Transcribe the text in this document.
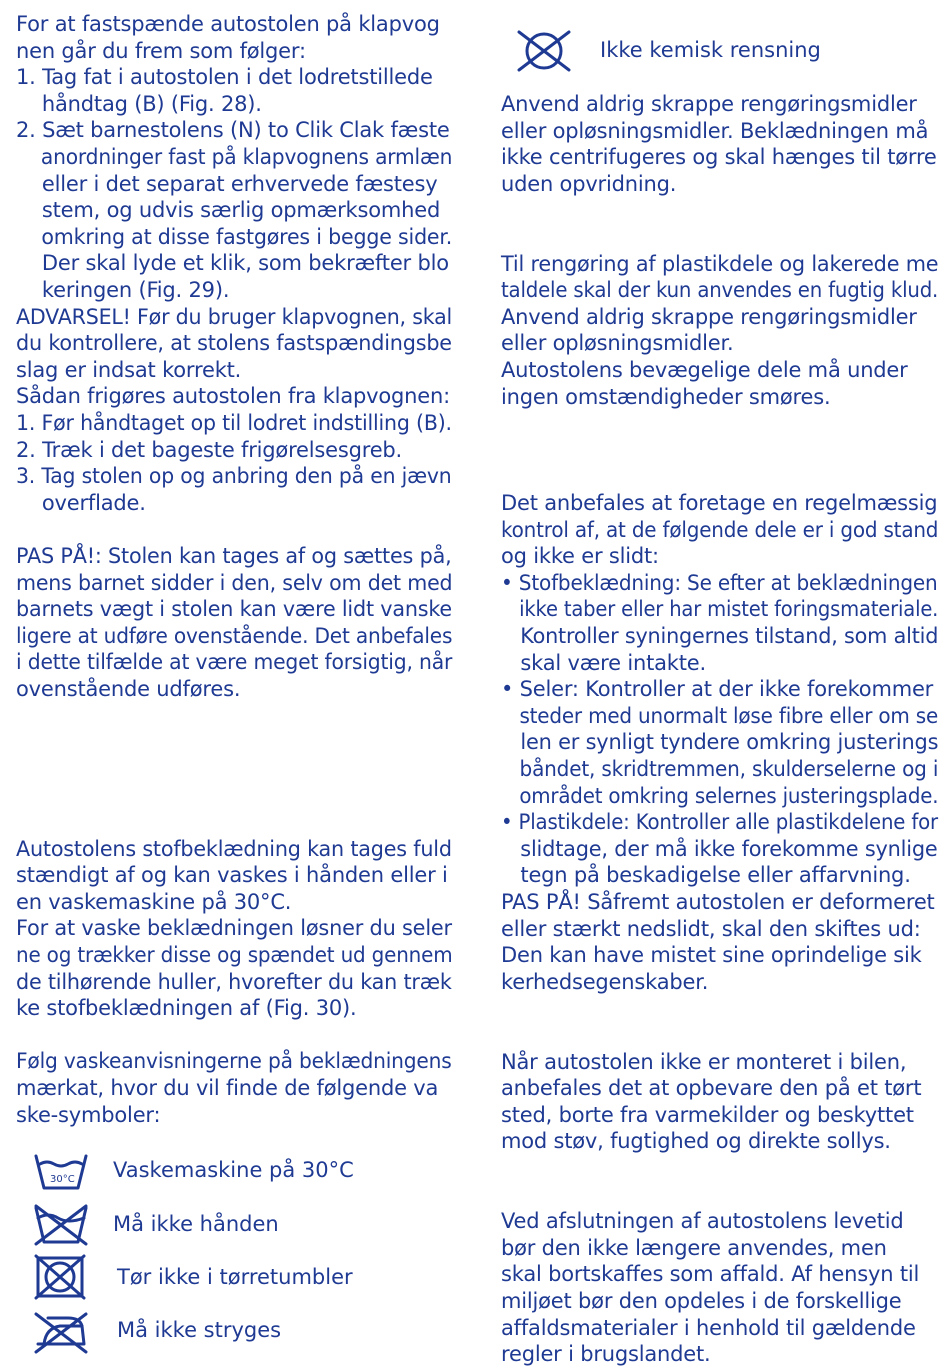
For at fastspænde autostolen på klapvog
nen går du frem som følger:
1. Tag fat i autostolen i det lodretstillede
håndtag (B) (Fig. 28).
2. Sæt barnestolens (N) to Clik Clak fæste
anordninger fast på klapvognens armlæn
eller i det separat erhvervede fæstesy
stem, og udvis særlig opmærksomhed
omkring at disse fastgøres i begge sider.
Der skal lyde et klik, som bekræfter blo
keringen (Fig. 29).
ADVARSEL! Før du bruger klapvognen, skal
du kontrollere, at stolens fastspændingsbe
slag er indsat korrekt.
Sådan frigøres autostolen fra klapvognen:
1. Før håndtaget op til lodret indstilling (B).
2. Træk i det bageste frigørelsesgreb.
3. Tag stolen op og anbring den på en jævn
overflade.
PAS PÅ!: Stolen kan tages af og sættes på,
mens barnet sidder i den, selv om det med
barnets vægt i stolen kan være lidt vanske
ligere at udføre ovenstående. Det anbefales
i dette tilfælde at være meget forsigtig, når
ovenstående udføres.
Autostolens stofbeklædning kan tages fuld
stændigt af og kan vaskes i hånden eller i
en vaskemaskine på 30°C.
For at vaske beklædningen løsner du seler
ne og trækker disse og spændet ud gennem
de tilhørende huller, hvorefter du kan træk
ke stofbeklædningen af (Fig. 30).
Følg vaskeanvisningerne på beklædningens
mærkat, hvor du vil finde de følgende va
ske-symboler:
30°C Vaskemaskine på 30°C
Må ikke hånden
Tør ikke i tørretumbler
Må ikke stryges
Ikke kemisk rensning
Anvend aldrig skrappe rengøringsmidler
eller opløsningsmidler. Beklædningen må
ikke centrifugeres og skal hænges til tørre
uden opvridning.
Til rengøring af plastikdele og lakerede me
taldele skal der kun anvendes en fugtig klud.
Anvend aldrig skrappe rengøringsmidler
eller opløsningsmidler.
Autostolens bevægelige dele må under
ingen omstændigheder smøres.
Det anbefales at foretage en regelmæssig
kontrol af, at de følgende dele er i god stand
og ikke er slidt:
• Stofbeklædning: Se efter at beklædningen
ikke taber eller har mistet foringsmateriale.
Kontroller syningernes tilstand, som altid
skal være intakte.
• Seler: Kontroller at der ikke forekommer
steder med unormalt løse fibre eller om se
len er synligt tyndere omkring justerings
båndet, skridtremmen, skulderselerne og i
området omkring selernes justeringsplade.
• Plastikdele: Kontroller alle plastikdelene for
slidtage, der må ikke forekomme synlige
tegn på beskadigelse eller affarvning.
PAS PÅ! Såfremt autostolen er deformeret
eller stærkt nedslidt, skal den skiftes ud:
Den kan have mistet sine oprindelige sik
kerhedsegenskaber.
Når autostolen ikke er monteret i bilen,
anbefales det at opbevare den på et tørt
sted, borte fra varmekilder og beskyttet
mod støv, fugtighed og direkte sollys.
Ved afslutningen af autostolens levetid
bør den ikke længere anvendes, men
skal bortskaffes som affald. Af hensyn til
miljøet bør den opdeles i de forskellige
affaldsmaterialer i henhold til gældende
regler i brugslandet.
